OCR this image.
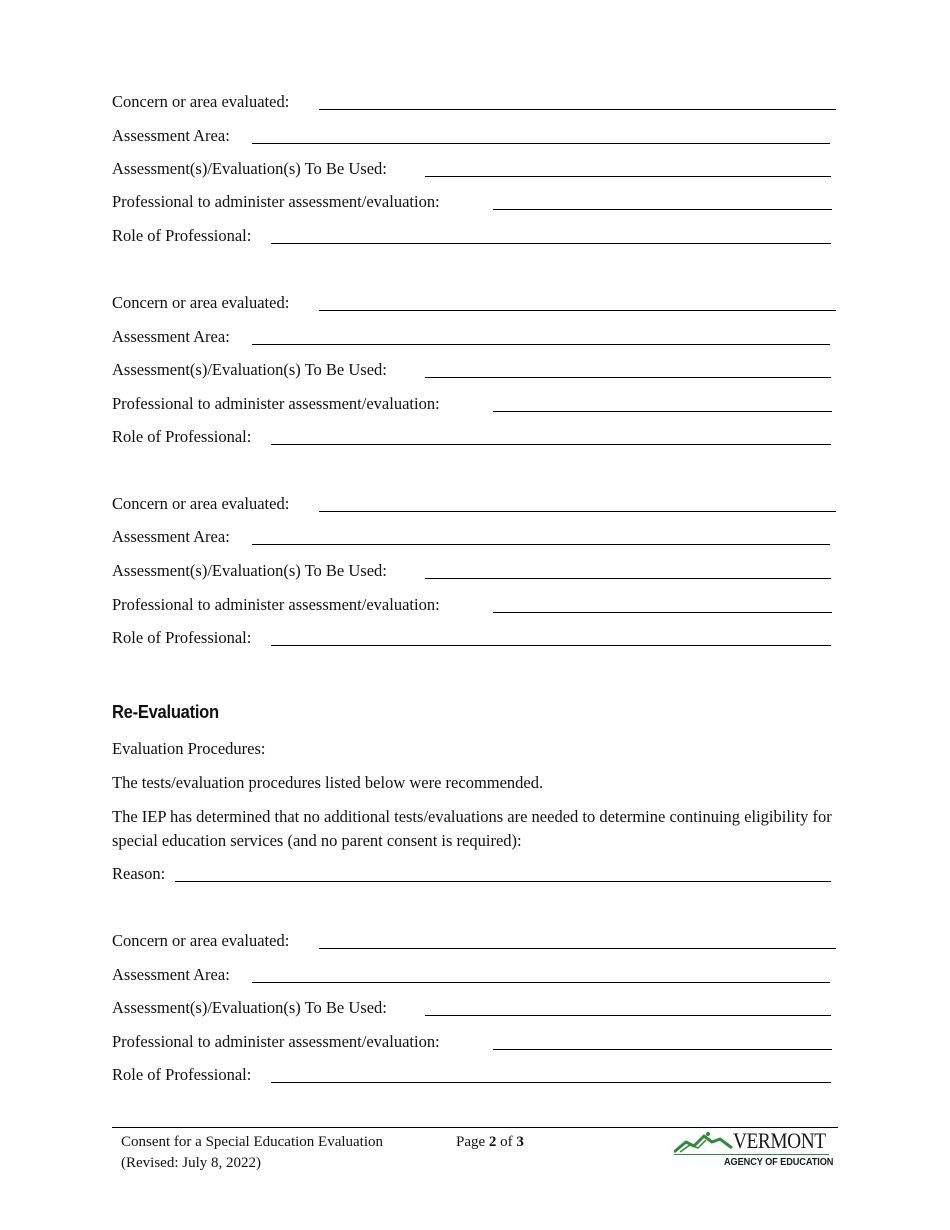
Concern or area evaluated:
Assessment Area:
Assessment(s)/Evaluation(s) To Be Used:
Professional to administer assessment/evaluation:
Role of Professional:
Concern or area evaluated:
Assessment Area:
Assessment(s)/Evaluation(s) To Be Used:
Professional to administer assessment/evaluation:
Role of Professional:
Concern or area evaluated:
Assessment Area:
Assessment(s)/Evaluation(s) To Be Used:
Professional to administer assessment/evaluation:
Role of Professional:
Re-Evaluation
Evaluation Procedures:
The tests/evaluation procedures listed below were recommended.
The IEP has determined that no additional tests/evaluations are needed to determine continuing eligibility for special education services (and no parent consent is required):
Reason:
Concern or area evaluated:
Assessment Area:
Assessment(s)/Evaluation(s) To Be Used:
Professional to administer assessment/evaluation:
Role of Professional:
Consent for a Special Education Evaluation
(Revised: July 8, 2022)
Page 2 of 3	VERMONT
AGENCY OF EDUCATION
